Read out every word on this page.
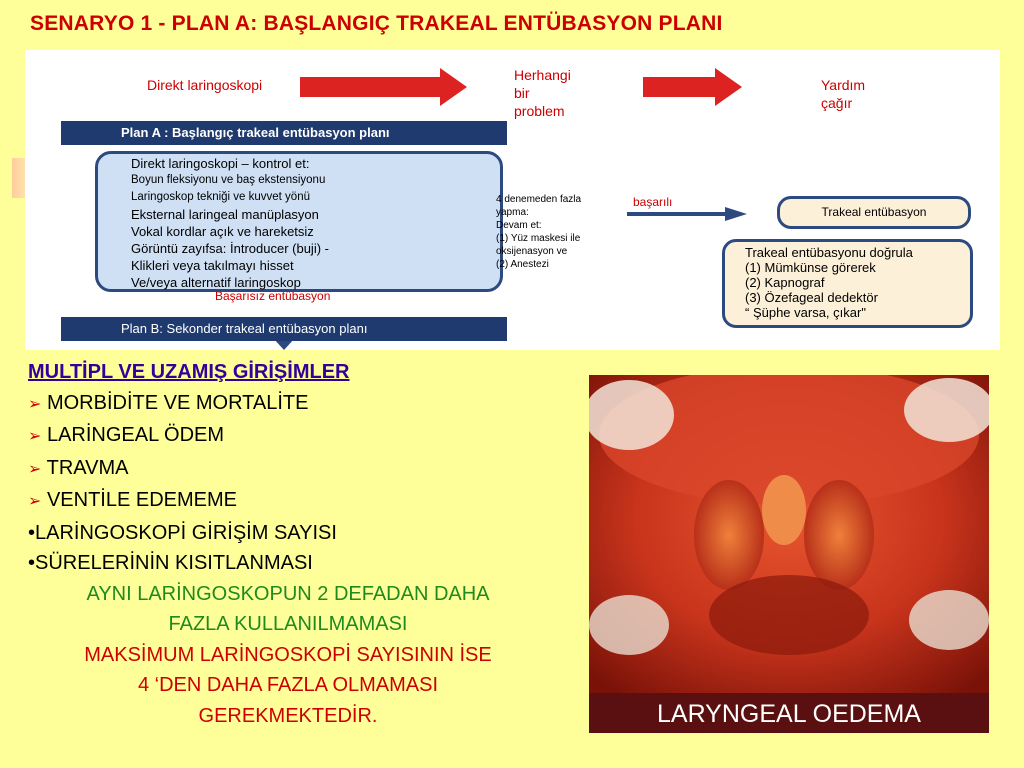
SENARYO 1 - PLAN A: BAŞLANGIÇ TRAKEAL ENTÜBASYON PLANI
Direkt laringoskopi
Herhangi
bir
problem
Yardım
çağır
Plan A : Başlangıç trakeal entübasyon planı
Direkt laringoskopi – kontrol et:
Boyun fleksiyonu ve baş ekstensiyonu
Laringoskop tekniği ve kuvvet yönü
Eksternal laringeal manüplasyon
Vokal kordlar açık ve hareketsiz
Görüntü zayıfsa: İntroducer (buji) -
Klikleri veya takılmayı hisset
Ve/veya alternatif laringoskop
Başarısız entübasyon
Plan B: Sekonder trakeal entübasyon planı
4 denemeden fazla
yapma:
Devam et:
(1) Yüz maskesi ile
oksijenasyon ve
(2) Anestezi
başarılı
Trakeal entübasyon
Trakeal entübasyonu doğrula
(1) Mümkünse görerek
(2) Kapnograf
(3) Özefageal dedektör
“ Şüphe varsa, çıkar"
MULTİPL VE UZAMIŞ GİRİŞİMLER
➢ MORBİDİTE VE MORTALİTE
➢ LARİNGEAL ÖDEM
➢ TRAVMA
➢ VENTİLE EDEMEME
•LARİNGOSKOPİ GİRİŞİM SAYISI
•SÜRELERİNİN KISITLANMASI
AYNI LARİNGOSKOPUN 2 DEFADAN DAHA
FAZLA KULLANILMAMASI
MAKSİMUM LARİNGOSKOPİ SAYISININ İSE
4 ‘DEN DAHA FAZLA OLMAMASI
GEREKMEKTEDİR.	LARYNGEAL OEDEMA
